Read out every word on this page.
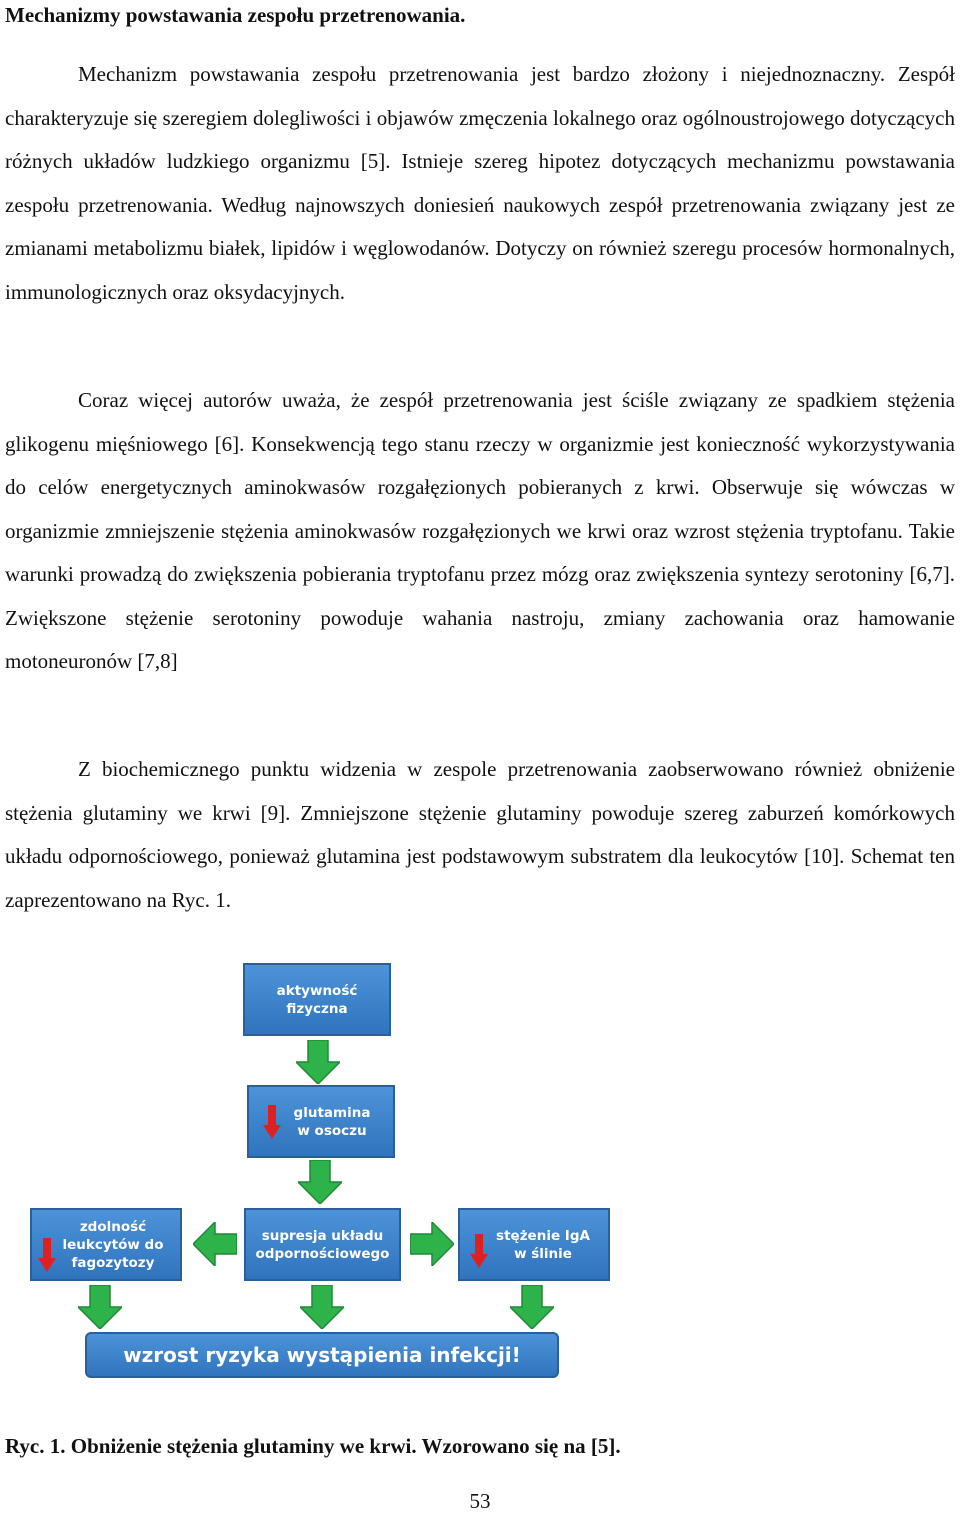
Mechanizmy powstawania zespołu przetrenowania.
Mechanizm powstawania zespołu przetrenowania jest bardzo złożony i niejednoznaczny. Zespół charakteryzuje się szeregiem dolegliwości i objawów zmęczenia lokalnego oraz ogólnoustrojowego dotyczących różnych układów ludzkiego organizmu [5]. Istnieje szereg hipotez dotyczących mechanizmu powstawania zespołu przetrenowania. Według najnowszych doniesień naukowych zespół przetrenowania związany jest ze zmianami metabolizmu białek, lipidów i węglowodanów. Dotyczy on również szeregu procesów hormonalnych, immunologicznych oraz oksydacyjnych.
Coraz więcej autorów uważa, że zespół przetrenowania jest ściśle związany ze spadkiem stężenia glikogenu mięśniowego [6]. Konsekwencją tego stanu rzeczy w organizmie jest konieczność wykorzystywania do celów energetycznych aminokwasów rozgałęzionych pobieranych z krwi. Obserwuje się wówczas w organizmie zmniejszenie stężenia aminokwasów rozgałęzionych we krwi oraz wzrost stężenia tryptofanu. Takie warunki prowadzą do zwiększenia pobierania tryptofanu przez mózg oraz zwiększenia syntezy serotoniny [6,7]. Zwiększone stężenie serotoniny powoduje wahania nastroju, zmiany zachowania oraz hamowanie motoneuronów [7,8]
Z biochemicznego punktu widzenia w zespole przetrenowania zaobserwowano również obniżenie stężenia glutaminy we krwi [9]. Zmniejszone stężenie glutaminy powoduje szereg zaburzeń komórkowych układu odpornościowego, ponieważ glutamina jest podstawowym substratem dla leukocytów [10]. Schemat ten zaprezentowano na Ryc. 1.
aktywność
fizyczna
glutamina
w osoczu
zdolność
leukcytów do
fagozytozy
supresja układu
odpornościowego
stężenie IgA
w ślinie
wzrost ryzyka wystąpienia infekcji!
Ryc. 1. Obniżenie stężenia glutaminy we krwi. Wzorowano się na [5].
53
